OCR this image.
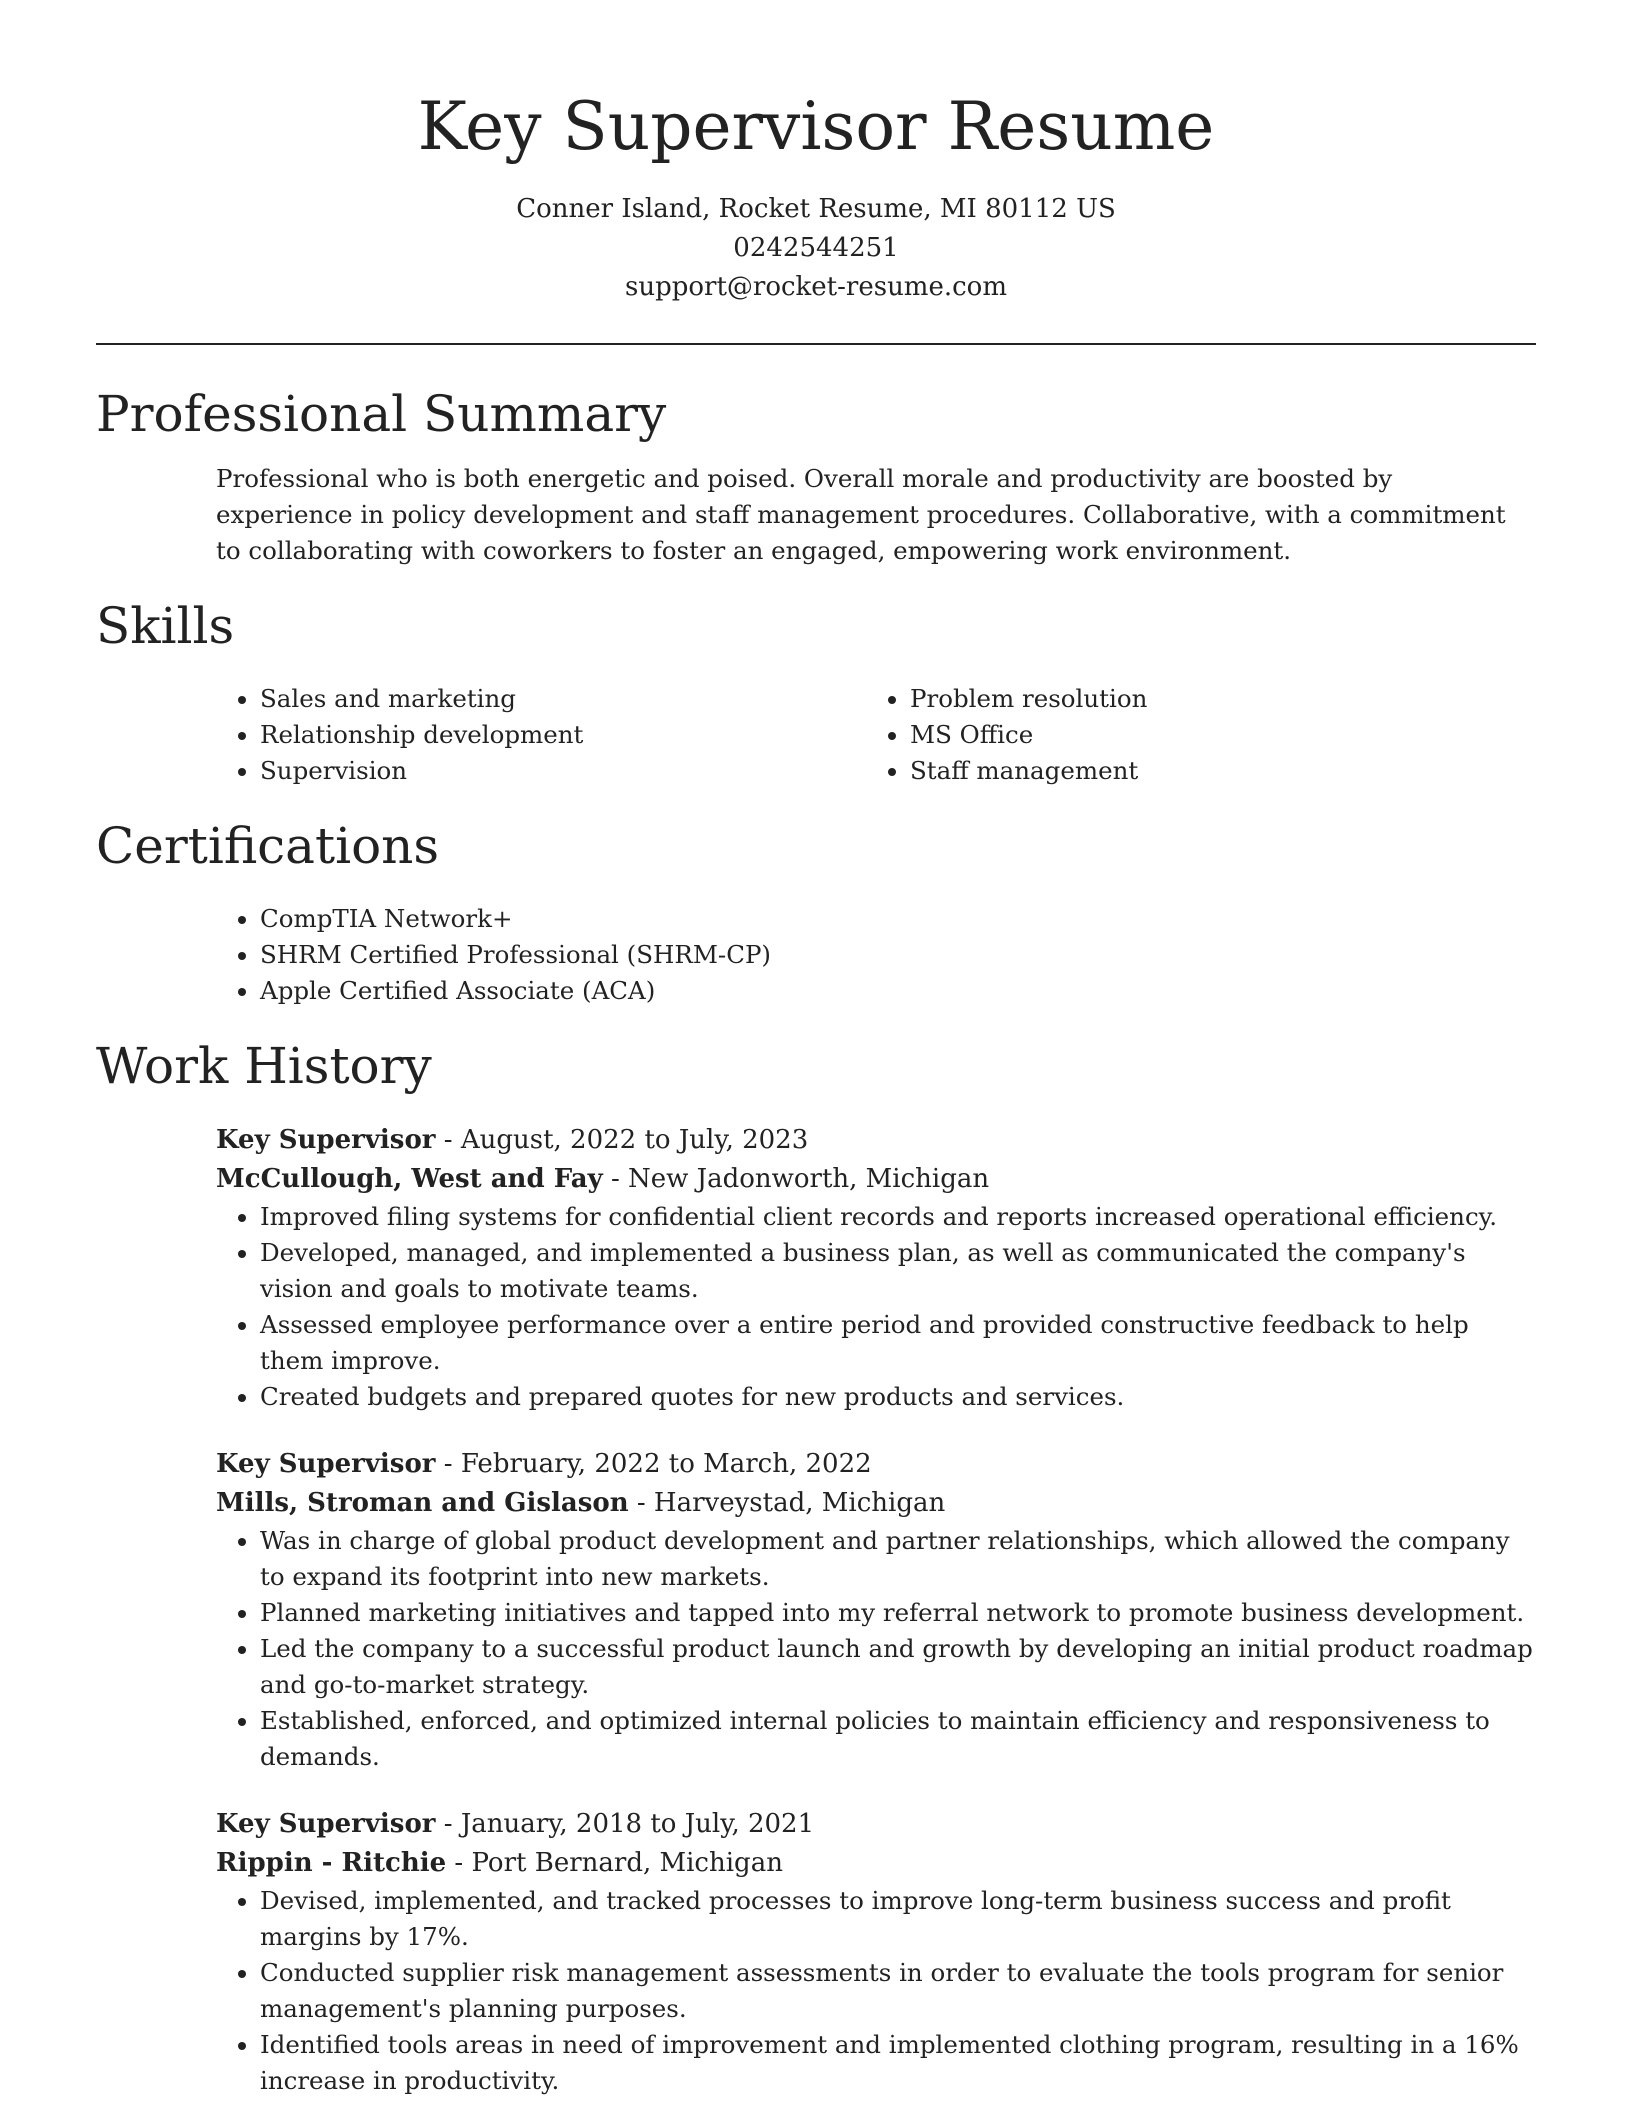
Key Supervisor Resume
Conner Island, Rocket Resume, MI 80112 US
0242544251
support@rocket-resume.com
Professional Summary

Professional who is both energetic and poised. Overall morale and productivity are boosted by experience in policy development and staff management procedures. Collaborative, with a commitment to collaborating with coworkers to foster an engaged, empowering work environment.

Skills
• Sales and marketing
• Relationship development
• Supervision
• Problem resolution
• MS Office
• Staff management
Certifications
• CompTIA Network+
• SHRM Certified Professional (SHRM-CP)
• Apple Certified Associate (ACA)
Work History
Key Supervisor - August, 2022 to July, 2023
McCullough, West and Fay - New Jadonworth, Michigan
• Improved filing systems for confidential client records and reports increased operational efficiency.
• Developed, managed, and implemented a business plan, as well as communicated the company's vision and goals to motivate teams.
• Assessed employee performance over a entire period and provided constructive feedback to help them improve.
• Created budgets and prepared quotes for new products and services.
Key Supervisor - February, 2022 to March, 2022
Mills, Stroman and Gislason - Harveystad, Michigan
• Was in charge of global product development and partner relationships, which allowed the company to expand its footprint into new markets.
• Planned marketing initiatives and tapped into my referral network to promote business development.
• Led the company to a successful product launch and growth by developing an initial product roadmap and go-to-market strategy.
• Established, enforced, and optimized internal policies to maintain efficiency and responsiveness to demands.
Key Supervisor - January, 2018 to July, 2021
Rippin - Ritchie - Port Bernard, Michigan
• Devised, implemented, and tracked processes to improve long-term business success and profit margins by 17%.
• Conducted supplier risk management assessments in order to evaluate the tools program for senior management's planning purposes.
• Identified tools areas in need of improvement and implemented clothing program, resulting in a 16% increase in productivity.
